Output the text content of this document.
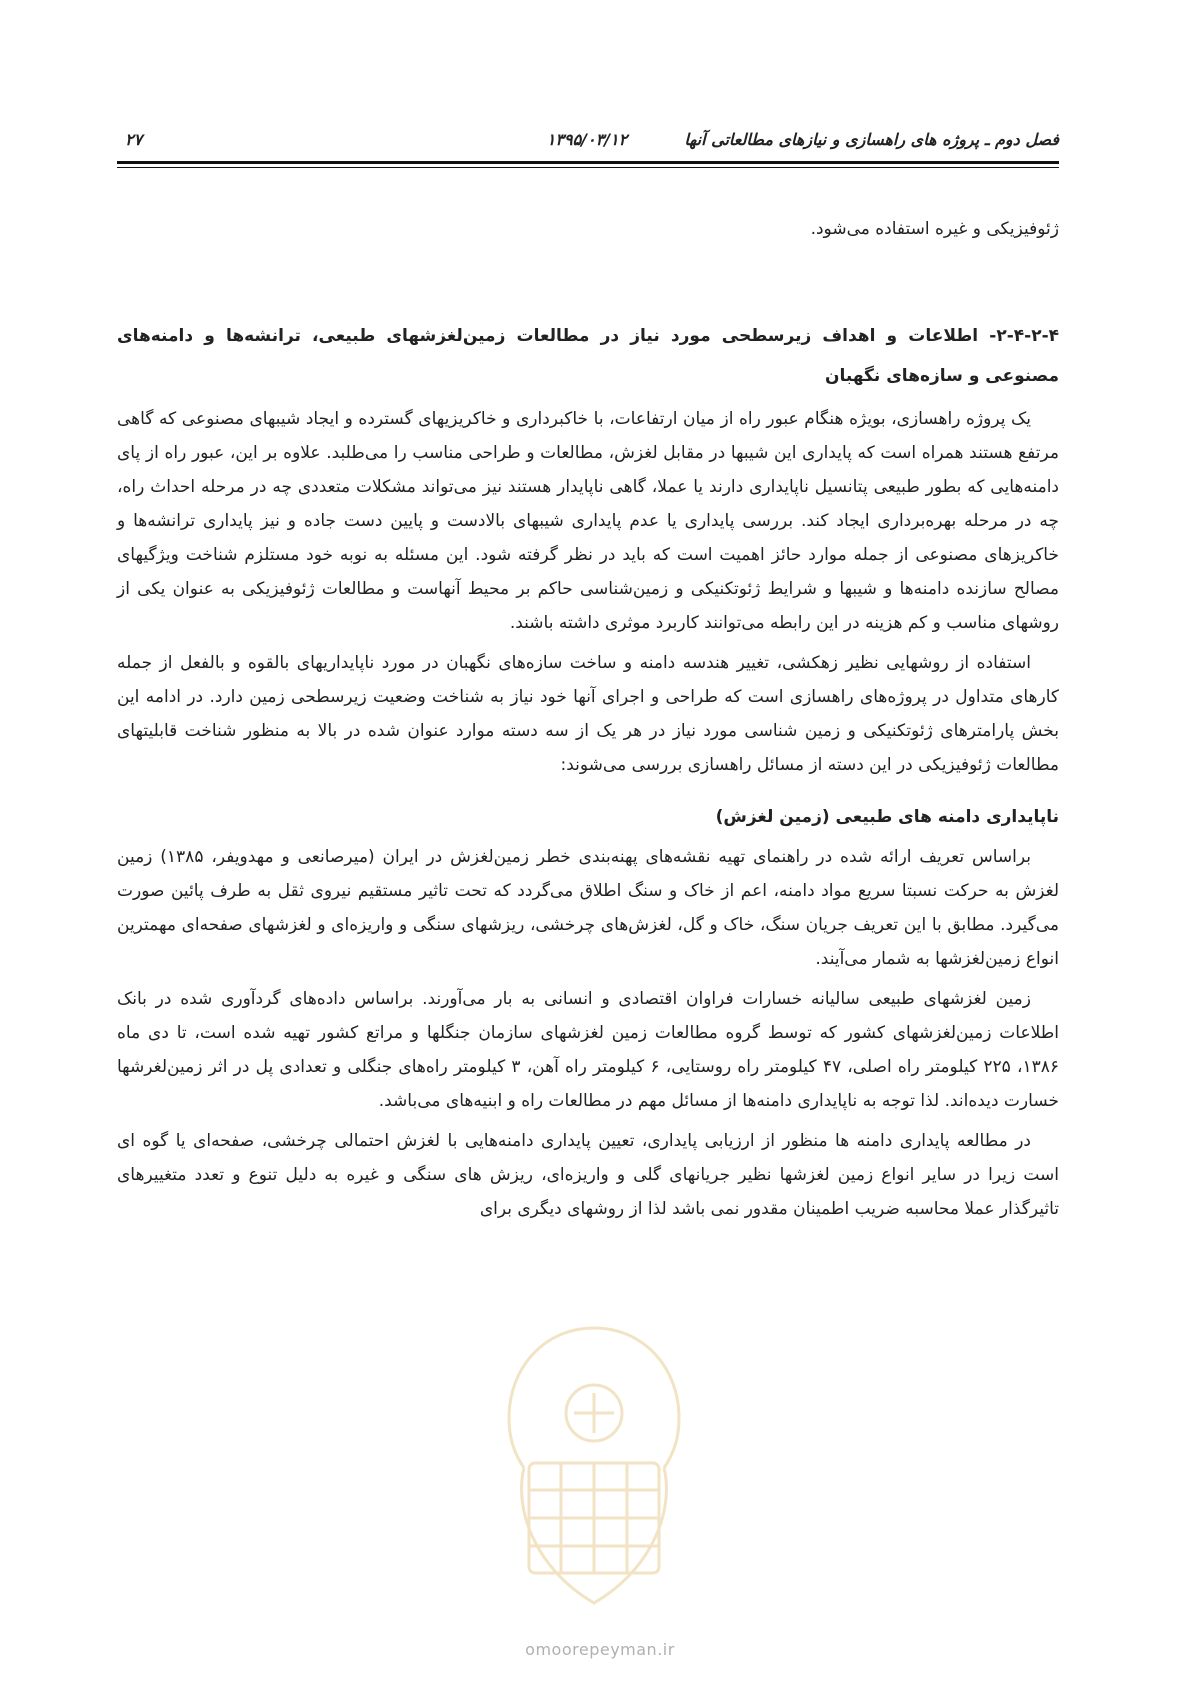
فصل دوم ـ پروژه های راهسازی و نیازهای مطالعاتی آنها
۱۳۹۵/۰۳/۱۲
۲۷

ژئوفیزیکی و غیره استفاده می‌شود.

۲-۴-۲-۴- اطلاعات و اهداف زیرسطحی مورد نیاز در مطالعات زمین‌لغزشهای طبیعی، ترانشه‌ها و دامنه‌های مصنوعی و سازه‌های نگهبان

یک پروژه راهسازی، بویژه هنگام عبور راه از میان ارتفاعات، با خاکبرداری و خاکریزیهای گسترده و ایجاد شیبهای مصنوعی که گاهی مرتفع هستند همراه است که پایداری این شیبها در مقابل لغزش، مطالعات و طراحی مناسب را می‌طلبد. علاوه بر این، عبور راه از پای دامنه‌هایی که بطور طبیعی پتانسیل ناپایداری دارند یا عملا، گاهی ناپایدار هستند نیز می‌تواند مشکلات متعددی چه در مرحله احداث راه، چه در مرحله بهره‌برداری ایجاد کند. بررسی پایداری یا عدم پایداری شیبهای بالادست و پایین دست جاده و نیز پایداری ترانشه‌ها و خاکریزهای مصنوعی از جمله موارد حائز اهمیت است که باید در نظر گرفته شود. این مسئله به نوبه خود مستلزم شناخت ویژگیهای مصالح سازنده دامنه‌ها و شیبها و شرایط ژئوتکنیکی و زمین‌شناسی حاکم بر محیط آنهاست و مطالعات ژئوفیزیکی به عنوان یکی از روشهای مناسب و کم هزینه در این رابطه می‌توانند کاربرد موثری داشته باشند.

استفاده از روشهایی نظیر زهکشی، تغییر هندسه دامنه و ساخت سازه‌های نگهبان در مورد ناپایداریهای بالقوه و بالفعل از جمله کارهای متداول در پروژه‌های راهسازی است که طراحی و اجرای آنها خود نیاز به شناخت وضعیت زیرسطحی زمین دارد. در ادامه این بخش پارامترهای ژئوتکنیکی و زمین شناسی مورد نیاز در هر یک از سه دسته موارد عنوان شده در بالا به منظور شناخت قابلیتهای مطالعات ژئوفیزیکی در این دسته از مسائل راهسازی بررسی می‌شوند:

ناپایداری دامنه های طبیعی (زمین لغزش)

براساس تعریف ارائه شده در راهنمای تهیه نقشه‌های پهنه‌بندی خطر زمین‌لغزش در ایران (میرصانعی و مهدویفر، ۱۳۸۵) زمین لغزش به حرکت نسبتا سریع مواد دامنه، اعم از خاک و سنگ اطلاق می‌گردد که تحت تاثیر مستقیم نیروی ثقل به طرف پائین صورت می‌گیرد. مطابق با این تعریف جریان سنگ، خاک و گل، لغزش‌های چرخشی، ریزشهای سنگی و واریزه‌ای و لغزشهای صفحه‌ای مهمترین انواع زمین‌لغزشها به شمار می‌آیند.

زمین لغزشهای طبیعی سالیانه خسارات فراوان اقتصادی و انسانی به بار می‌آورند. براساس داده‌های گردآوری شده در بانک اطلاعات زمین‌لغزشهای کشور که توسط گروه مطالعات زمین لغزشهای سازمان جنگلها و مراتع کشور تهیه شده است، تا دی ماه ۱۳۸۶، ۲۲۵ کیلومتر راه اصلی، ۴۷ کیلومتر راه روستایی، ۶ کیلومتر راه آهن، ۳ کیلومتر راه‌های جنگلی و تعدادی پل در اثر زمین‌لغرشها خسارت دیده‌اند. لذا توجه به ناپایداری دامنه‌ها از مسائل مهم در مطالعات راه و ابنیه‌های می‌باشد.

در مطالعه پایداری دامنه ها منظور از ارزیابی پایداری، تعیین پایداری دامنه‌هایی با لغزش احتمالی چرخشی، صفحه‌ای یا گوه ای است زیرا در سایر انواع زمین لغزشها نظیر جریانهای گلی و واریزه‌ای، ریزش های سنگی و غیره به دلیل تنوع و تعدد متغییرهای تاثیرگذار عملا محاسبه ضریب اطمینان مقدور نمی باشد لذا از روشهای دیگری برای

omoorepeyman.ir
